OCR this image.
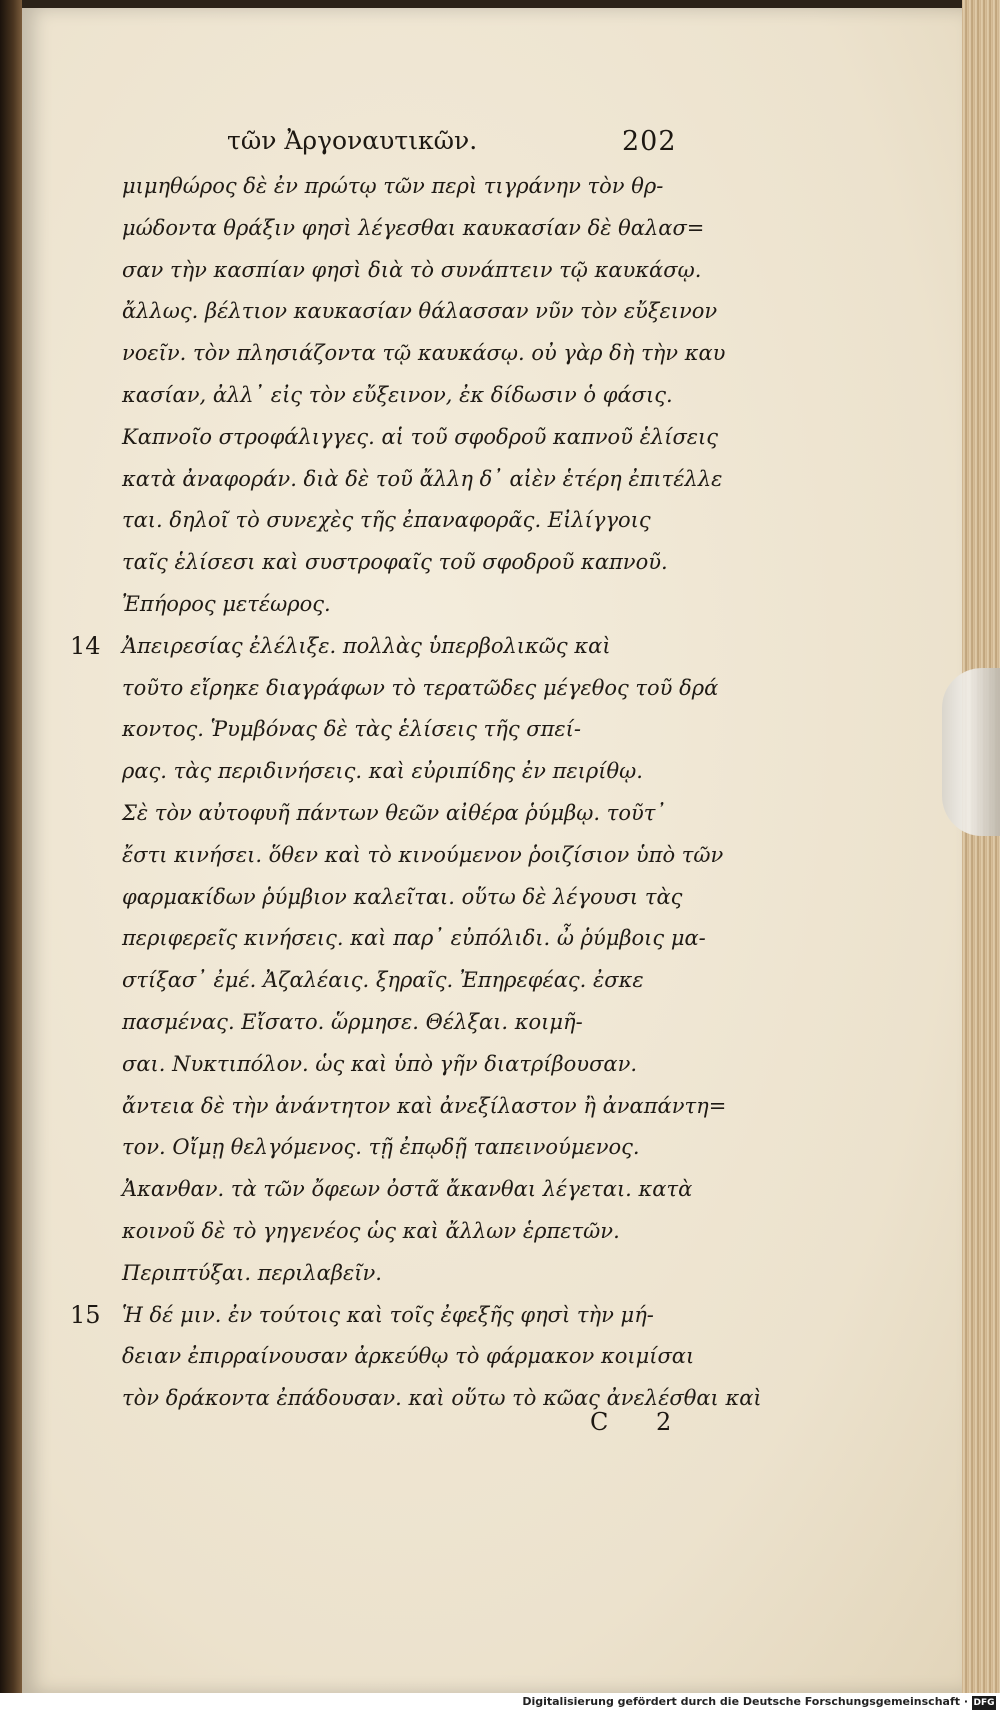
τῶν Ἀργοναυτικῶν.	202
μιμηθώρος δὲ ἐν πρώτῳ τῶν περὶ τιγράνην τὸν θρ-
μώδοντα θράξιν φησὶ λέγεσθαι καυκασίαν δὲ θαλασ=
σαν τὴν κασπίαν φησὶ διὰ τὸ συνάπτειν τῷ καυκάσῳ.
ἄλλως. βέλτιον καυκασίαν θάλασσαν νῦν τὸν εὔξεινον
νοεῖν. τὸν πλησιάζοντα τῷ καυκάσῳ. οὐ γὰρ δὴ τὴν καυ
κασίαν, ἀλλ᾽ εἰς τὸν εὔξεινον, ἐκ δίδωσιν ὁ φάσις.
Καπνοῖο στροφάλιγγες. αἱ τοῦ σφοδροῦ καπνοῦ ἑλίσεις
κατὰ ἀναφοράν. διὰ δὲ τοῦ ἄλλη δ᾽ αἰὲν ἑτέρη ἐπιτέλλε
ται. δηλοῖ τὸ συνεχὲς τῆς ἐπαναφορᾶς. Εἰλίγγοις
ταῖς ἑλίσεσι καὶ συστροφαῖς τοῦ σφοδροῦ καπνοῦ.
Ἐπήορος μετέωρος.
14 Ἀπειρεσίας ἐλέλιξε. πολλὰς ὑπερβολικῶς καὶ
τοῦτο εἴρηκε διαγράφων τὸ τερατῶδες μέγεθος τοῦ δρά
κοντος. Ῥυμβόνας δὲ τὰς ἑλίσεις τῆς σπεί-
ρας. τὰς περιδινήσεις. καὶ εὐριπίδης ἐν πειρίθῳ.
Σὲ τὸν αὐτοφυῆ πάντων θεῶν αἰθέρα ῥύμβῳ. τοῦτ᾽
ἔστι κινήσει. ὅθεν καὶ τὸ κινούμενον ῥοιζίσιον ὑπὸ τῶν
φαρμακίδων ῥύμβιον καλεῖται. οὕτω δὲ λέγουσι τὰς
περιφερεῖς κινήσεις. καὶ παρ᾽ εὐπόλιδι. ὦ ῥύμβοις μα-
στίξασ᾽ ἐμέ. Ἀζαλέαις. ξηραῖς. Ἐπηρεφέας. ἐσκε
πασμένας. Εἴσατο. ὥρμησε. Θέλξαι. κοιμῆ-
σαι. Νυκτιπόλον. ὡς καὶ ὑπὸ γῆν διατρίβουσαν.
ἄντεια δὲ τὴν ἀνάντητον καὶ ἀνεξίλαστον ἢ ἀναπάντη=
τον. Οἴμῃ θελγόμενος. τῇ ἐπῳδῇ ταπεινούμενος.
Ἀκανθαν. τὰ τῶν ὄφεων ὀστᾶ ἄκανθαι λέγεται. κατὰ
κοινοῦ δὲ τὸ γηγενέος ὡς καὶ ἄλλων ἑρπετῶν.
Περιπτύξαι. περιλαβεῖν.
15 Ἡ δέ μιν. ἐν τούτοις καὶ τοῖς ἐφεξῆς φησὶ τὴν μή-
δειαν ἐπιρραίνουσαν ἀρκεύθῳ τὸ φάρμακον κοιμίσαι
τὸν δράκοντα ἐπάδουσαν. καὶ οὕτω τὸ κῶας ἀνελέσθαι καὶ
C 2
Digitalisierung gefördert durch die Deutsche Forschungsgemeinschaft · DFG
